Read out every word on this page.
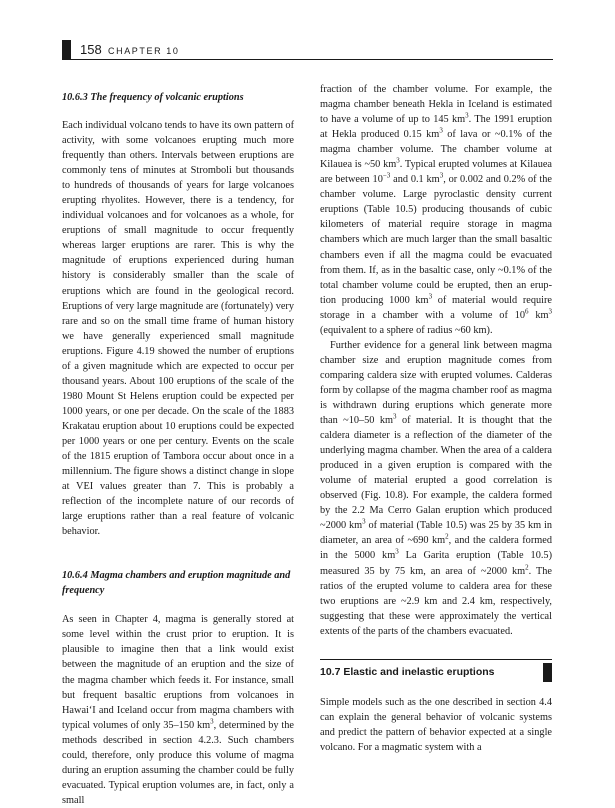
158 CHAPTER 10
10.6.3 The frequency of volcanic eruptions

Each individual volcano tends to have its own pattern of activity, with some volcanoes erupting much more frequently than others. Intervals between eruptions are commonly tens of minutes at Stromboli but thousands to hundreds of thousands of years for large volcanoes erupting rhyolites. However, there is a tendency, for individual volcanoes and for volcanoes as a whole, for eruptions of small magnitude to occur frequently whereas larger eruptions are rarer. This is why the magnitude of eruptions experienced during human history is considerably smaller than the scale of eruptions which are found in the geological record. Eruptions of very large magnitude are (fortunately) very rare and so on the small time frame of human history we have generally experienced small magnitude eruptions. Figure 4.19 showed the number of eruptions of a given magnitude which are expected to occur per thousand years. About 100 eruptions of the scale of the 1980 Mount St Helens eruption could be expected per 1000 years, or one per decade. On the scale of the 1883 Krakatau eruption about 10 eruptions could be expected per 1000 years or one per century. Events on the scale of the 1815 eruption of Tambora occur about once in a millennium. The figure shows a distinct change in slope at VEI values greater than 7. This is probably a reflection of the incomplete nature of our records of large eruptions rather than a real feature of volcanic behavior.

10.6.4 Magma chambers and eruption magnitude and frequency

As seen in Chapter 4, magma is generally stored at some level within the crust prior to eruption. It is plausible to imagine then that a link would exist between the magnitude of an eruption and the size of the magma chamber which feeds it. For instance, small but frequent basaltic eruptions from volcanoes in Hawai‘I and Iceland occur from magma chambers with typical volumes of only 35–150 $km^3$, determined by the methods described in section 4.2.3. Such chambers could, therefore, only produce this volume of magma during an eruption assuming the chamber could be fully evacuated. Typical eruption volumes are, in fact, only a small

fraction of the chamber volume. For example, the magma chamber beneath Hekla in Iceland is estimated to have a volume of up to 145 $km^3$. The 1991 eruption at Hekla produced 0.15 $km^3$ of lava or ~0.1% of the magma chamber volume. The chamber volume at Kilauea is ~50 $km^3$. Typical erupted volumes at Kilauea are between $10^{-3}$ and 0.1 $km^3$, or 0.002 and 0.2% of the chamber volume. Large pyroclastic density current eruptions (Table 10.5) producing thousands of cubic kilometers of material require storage in magma chambers which are much larger than the small basaltic chambers even if all the magma could be evacuated from them. If, as in the basaltic case, only ~0.1% of the total chamber volume could be erupted, then an eruption producing 1000 $km^3$ of material would require storage in a chamber with a volume of $10^6$ $km^3$ (equivalent to a sphere of radius ~60 km).

Further evidence for a general link between magma chamber size and eruption magnitude comes from comparing caldera size with erupted volumes. Calderas form by collapse of the magma chamber roof as magma is withdrawn during eruptions which generate more than ~10–50 $km^3$ of material. It is thought that the caldera diameter is a reflection of the diameter of the underlying magma chamber. When the area of a caldera produced in a given eruption is compared with the volume of material erupted a good correlation is observed (Fig. 10.8). For example, the caldera formed by the 2.2 Ma Cerro Galan eruption which produced ~2000 $km^3$ of material (Table 10.5) was 25 by 35 km in diameter, an area of ~690 $km^2$, and the caldera formed in the 5000 $km^3$ La Garita eruption (Table 10.5) measured 35 by 75 km, an area of ~2000 $km^2$. The ratios of the erupted volume to caldera area for these two eruptions are ~2.9 km and 2.4 km, respectively, suggesting that these were approximately the vertical extents of the parts of the chambers evacuated.

10.7 Elastic and inelastic eruptions

Simple models such as the one described in section 4.4 can explain the general behavior of volcanic systems and predict the pattern of behavior expected at a single volcano. For a magmatic system with a
